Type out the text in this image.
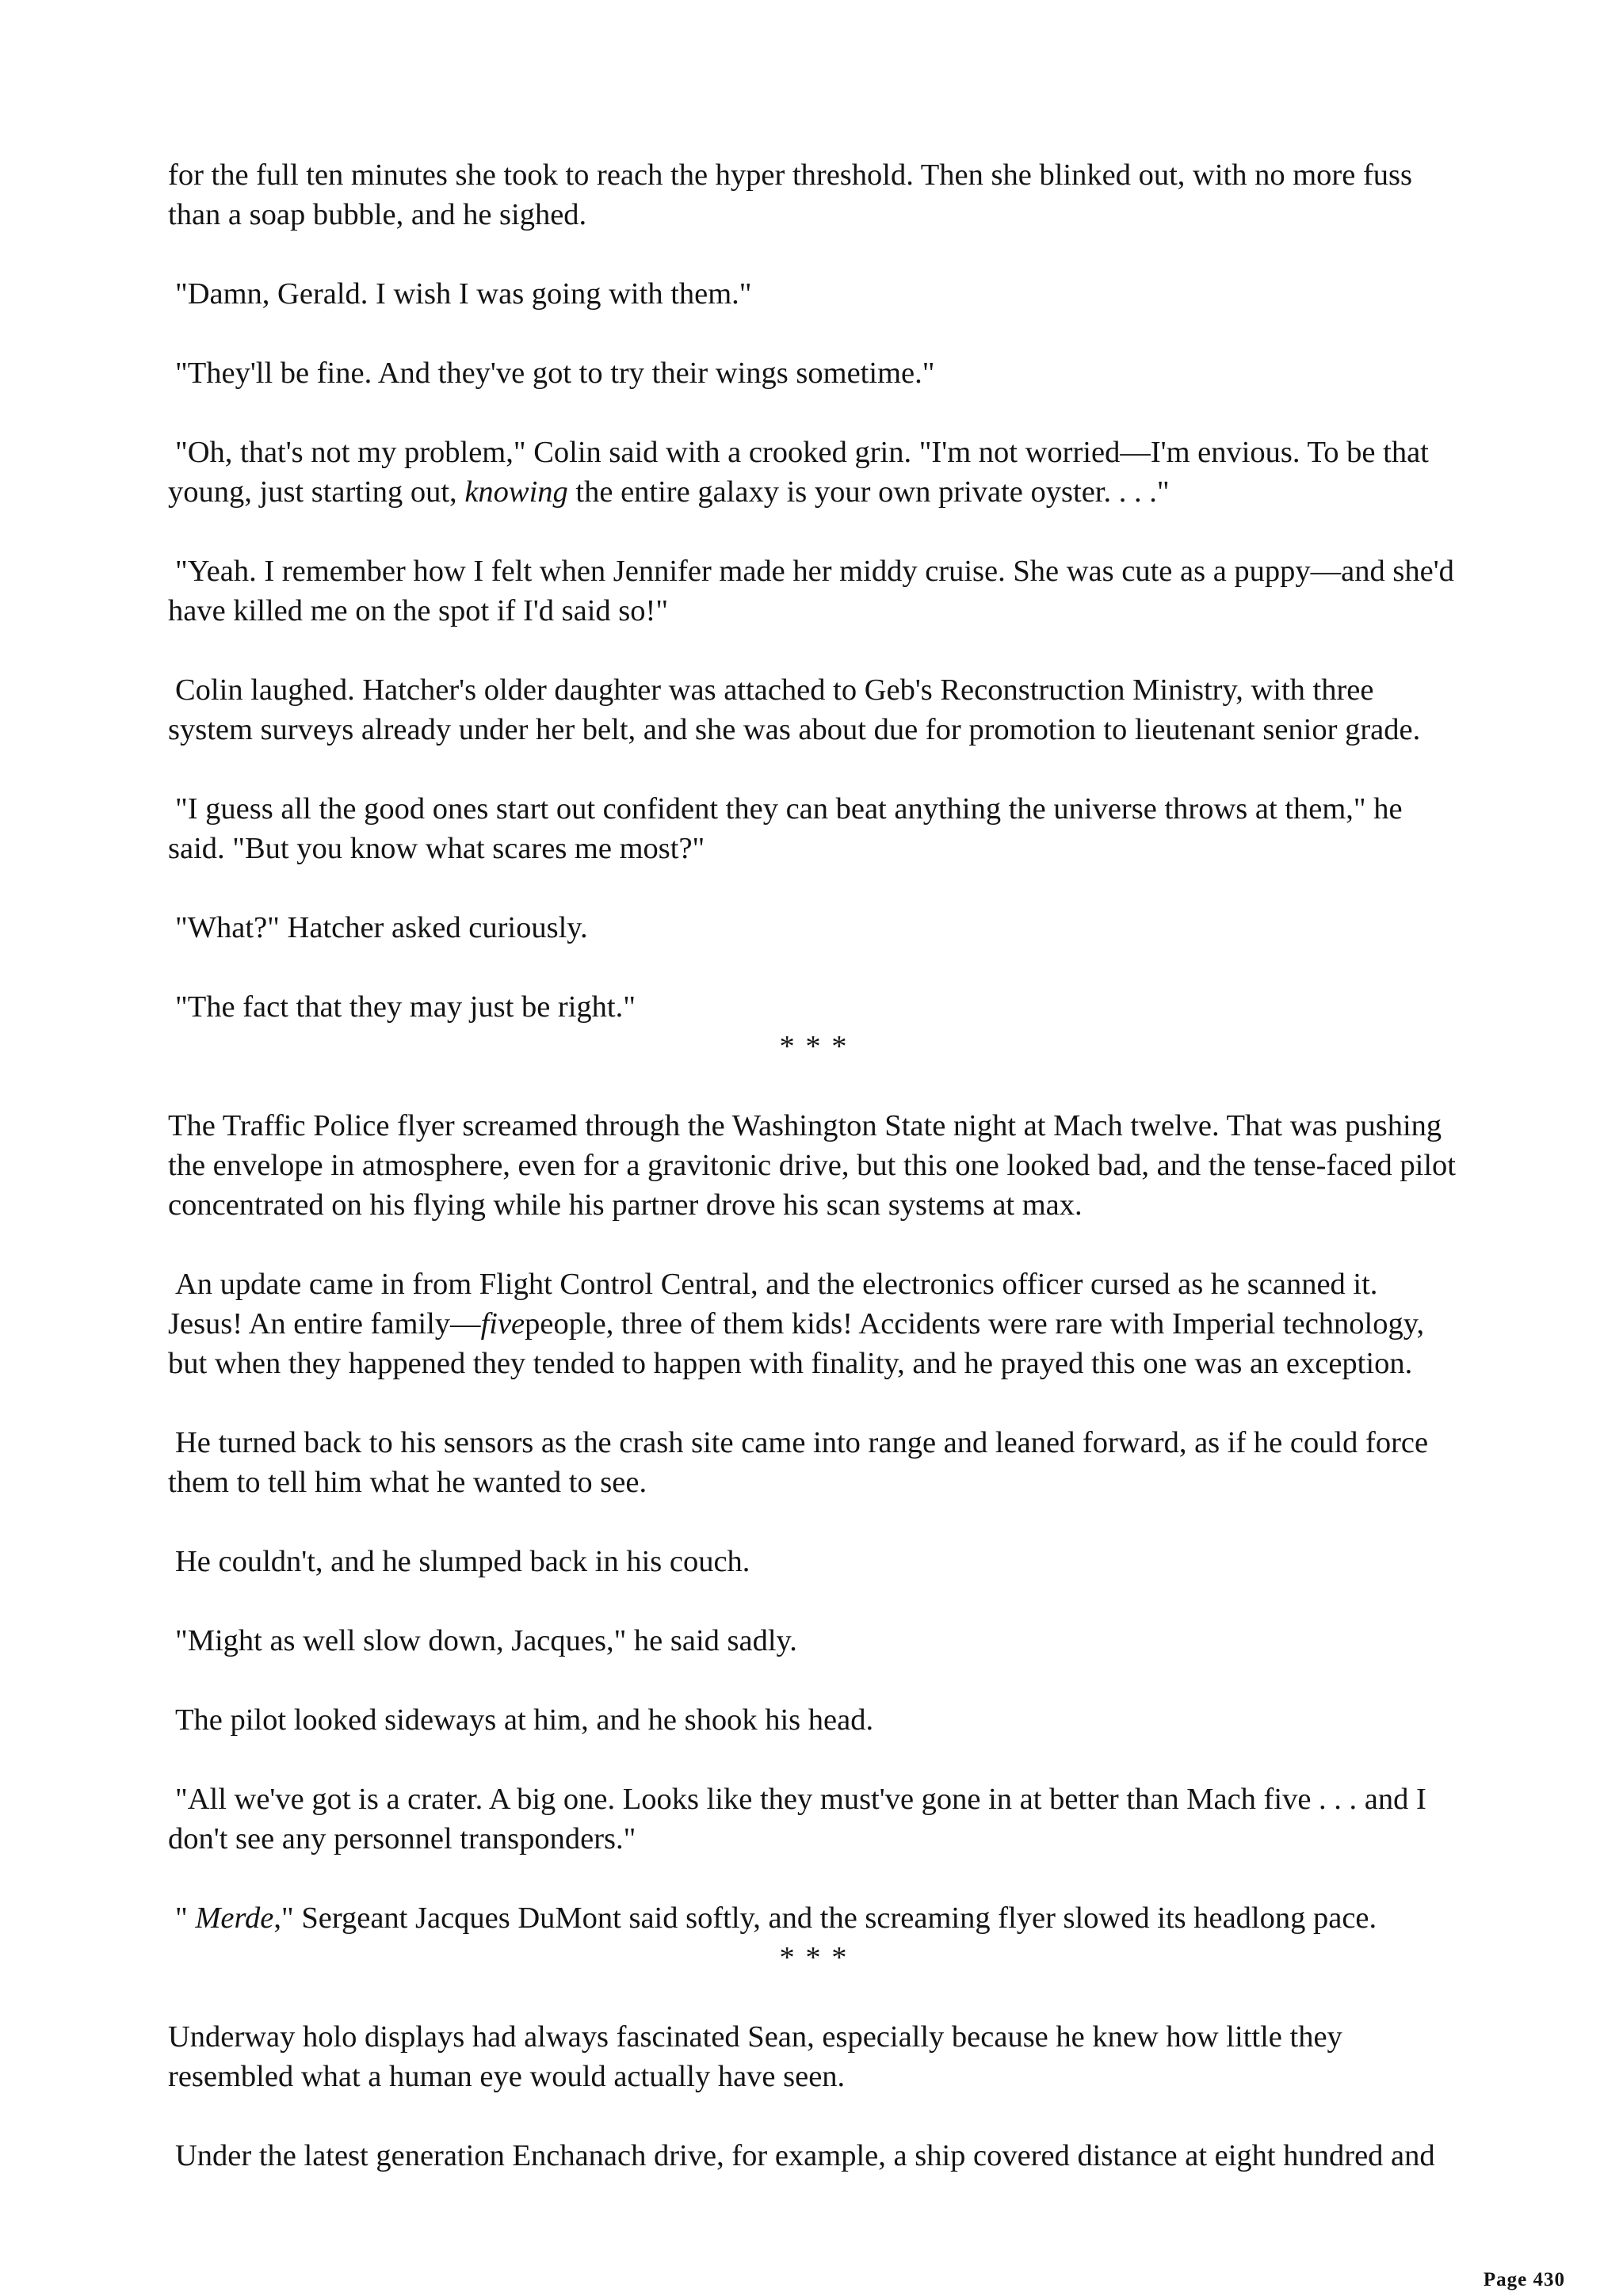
for the full ten minutes she took to reach the hyper threshold. Then she blinked out, with no more fuss than a soap bubble, and he sighed.

"Damn, Gerald. I wish I was going with them."

"They'll be fine. And they've got to try their wings sometime."

"Oh, that's not my problem," Colin said with a crooked grin. "I'm not worried—I'm envious. To be that young, just starting out, knowing the entire galaxy is your own private oyster. . . ."

"Yeah. I remember how I felt when Jennifer made her middy cruise. She was cute as a puppy—and she'd have killed me on the spot if I'd said so!"

Colin laughed. Hatcher's older daughter was attached to Geb's Reconstruction Ministry, with three system surveys already under her belt, and she was about due for promotion to lieutenant senior grade.

"I guess all the good ones start out confident they can beat anything the universe throws at them," he said. "But you know what scares me most?"

"What?" Hatcher asked curiously.

"The fact that they may just be right."

* * *

The Traffic Police flyer screamed through the Washington State night at Mach twelve. That was pushing the envelope in atmosphere, even for a gravitonic drive, but this one looked bad, and the tense-faced pilot concentrated on his flying while his partner drove his scan systems at max.

An update came in from Flight Control Central, and the electronics officer cursed as he scanned it. Jesus! An entire family—fivepeople, three of them kids! Accidents were rare with Imperial technology, but when they happened they tended to happen with finality, and he prayed this one was an exception.

He turned back to his sensors as the crash site came into range and leaned forward, as if he could force them to tell him what he wanted to see.

He couldn't, and he slumped back in his couch.

"Might as well slow down, Jacques," he said sadly.

The pilot looked sideways at him, and he shook his head.

"All we've got is a crater. A big one. Looks like they must've gone in at better than Mach five . . . and I don't see any personnel transponders."

" Merde," Sergeant Jacques DuMont said softly, and the screaming flyer slowed its headlong pace.

* * *

Underway holo displays had always fascinated Sean, especially because he knew how little they resembled what a human eye would actually have seen.

Under the latest generation Enchanach drive, for example, a ship covered distance at eight hundred and

Page 430
